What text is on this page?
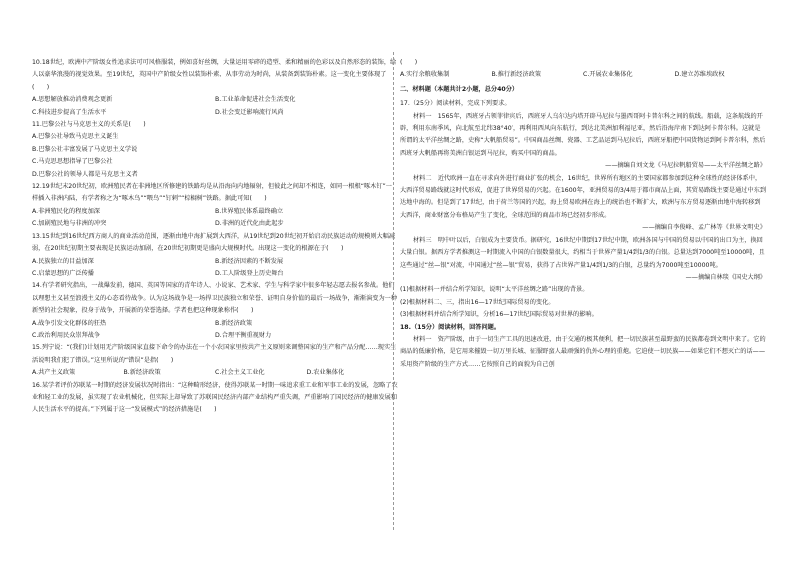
10.18世纪，欧洲中产阶级女性追求法可可风格服装，例如喜好丝绸，大量运用零碎的造型、柔和精丽的色彩以及自然形态的装饰，给人以豪华浪漫的视觉效果。至19世纪，英国中产阶级女性以装饰朴素、从事劳动为时尚，从装备到装饰朴素。这一变化主要体现了(　　)

A.思想解放推动消费观念更新	B.工业革命促进社会生活变化
C.科技进步提高了生活水平	D.社会变迁影响流行风尚

11.巴黎公社与马克思主义的关系是(　　)

A.巴黎公社导致马克思主义诞生
B.巴黎公社丰富发展了马克思主义学说
C.马克思思想指导了巴黎公社
D.巴黎公社的领导人都是马克思主义者

12.19世纪末20世纪初，欧洲殖民者在非洲地区所修建的铁路均是从沿海向内地辐射，但彼此之间却不相连，如同一根根“啄木钉”一样插入非洲内陆，有学者称之为“啄木鸟”“喂鸟”“钉刺”“棕榈树”铁路。据此可知(　　)

A.非洲殖民化的程度加深	B.世界殖民体系最终确立
C.加剧殖民地与非洲的冲突	D.非洲的近代化由此起步

13.15世纪到16世纪西方商人的商业活动范围，逐渐由地中海扩展到大西洋，从19世纪到20世纪初开始启动民族运动的规模则大幅减弱，在20世纪初期主要表现是民族运动加剧，在20世纪初期更是盛向大规模时代。出现这一变化的根源在于(　　)

A.民族独立的目益加深	B.新经济因素的不断发展
C.启蒙思想的广泛传播	D.工人阶级登上历史舞台

14.有学者研究指出，一战爆发前，德国、英国等国家的青年诗人、小说家、艺术家、学生与科学家中很多年轻志愿去报名参战。他们以理想主义甚至浪漫主义的心态看待战争。认为这场战争是一场捍卫民族独立和荣誉、证明自身价值的最后一场战争，渐渐演变为一种新型的社会现象，投身于战争，开展新的荣誉选择。学者也把这种现象称作(　　)

A.战争引发文化群体的狂热	B.新经济政策
C.政治利用民众崇拜战争	D.合理平衡重视财力

15.列宁说：“(我们)计划用无产阶级国家直接下命令的办法在一个小农国家里按共产主义原则来调整国家的生产和产品分配……现实生活说明我们犯了错误。”这里所说的“错误”是指(　　)

A.共产主义政策	B.新经济政策	C.社会主义工业化	D.农业集体化

16.某学者评价苏联某一时期的经济发展状况时指出：“这种畸形经济，使得苏联某一时期一味追求重工业和军事工业的发展，忽略了农业和轻工业的发展，虽实现了农业机械化，但实际上却导致了苏联国民经济内部产业结构严重失调，严重影响了国民经济的健康发展和人民生活水平的提高。”下列属于这一“发展模式”的经济措施是(　　)

(　　)

A.实行余粮收集制	B.推行新经济政策	C.开展农业集体化	D.建立苏维埃政权

二、材料题（本题共计2小题，总分40分）

17.（25分）阅读材料，完成下列要求。

材料一　1565年，西班牙占领菲律宾后，西班牙人乌尔达内塔开辟马尼拉与墨西哥阿卡普尔科之间的航线。船载，这条航线的开辟，利用东南季风，向北航至北纬38°40′，再利用西风向东航行，到达北美洲加利福尼亚，然后沿海岸南下到达阿卡普尔科。这就是所谓的太平洋丝绸之路，史称“大帆船贸易”。中国商品丝绸、瓷器、工艺品运到马尼拉后，西班牙船把中国货物运到阿卡普尔科，然后西班牙大帆船再将美洲白银运到马尼拉，购买中国的商品。

——摘编自刘文龙《马尼拉帆船贸易——太平洋丝绸之路》

材料二　近代欧洲一直在寻求向外进行商业扩张的机会，16世纪，世界所有地区的主要国家都参加到这种全球性的经济体系中，大西洋贸易路线就这时代形成，促进了世界贸易的兴起。在1600年，亚洲贸易的3/4用于都市商品上面，其贸易路线主要是通过中东到达地中海的。但是到了17世纪，由于荷兰等国的兴起，海上贸易欧洲在海上的统治也不断扩大，欧洲与东方贸易逐渐由地中海转移到大西洋，商业财富分布格局产生了变化，全球范围的商品市场已经初步形成。

——摘编自李俊峰、孟广林等《世界文明史》

材料三　明中叶以后，白银成为主要货币。据研究，16世纪中期到17世纪中期，欧洲各国与中国的贸易以中国的出口为主，换回大量白银。据西方学者推测这一时期流入中国的白银数量很大，约相当于世界产量1/4到1/3的白银。总量达到7000吨至10000吨，且这些通过“丝—银”对流，中国通过“丝—银”贸易，获得了占世界产量1/4到1/3的白银，总量约为7000吨至10000吨。

——摘编自林琰《国史大纲》

(1)根据材料一并结合所学知识，说明“太平洋丝绸之路”出现的背景。

(2)根据材料二、三，指出16—17世纪国际贸易的变化。

(3)根据材料并结合所学知识，分析16—17世纪国际贸易对世界的影响。

18.（15分）阅读材料，回答问题。

材料一　资产阶级，由于一切生产工具的迅速改进，由于交通的极其便利，把一切民族甚至最野蛮的民族都卷到文明中来了。它的商品的低廉价格，是它用来摧毁一切万里长城、征服野蛮人最顽强的仇外心理的重炮。它迫使一切民族——如果它们不想灭亡的话——采用资产阶级的生产方式……它按照自己的面貌为自己创
